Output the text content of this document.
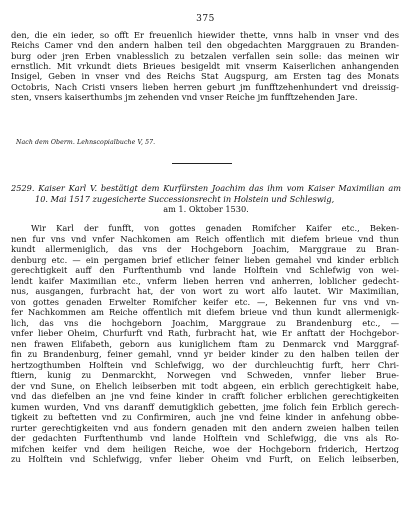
375
den, die ein ieder, so offt Er freuenlich hiewider thette, vnns halb in vnser vnd des
Reichs Camer vnd den andern halben teil den obgedachten Marggrauen zu Branden-
burg oder jren Erben vnablesslich zu betzalen verfallen sein solle: das meinen wir
ernstlich. Mit vrkundt diets Brieues besigeldt mit vnserm Kaiserlichen anhangenden
Insigel, Geben in vnser vnd des Reichs Stat Augspurg, am Ersten tag des Monats
Octobris, Nach Cristi vnsers lieben herren geburt jm funfftzehenhundert vnd dreissig-
sten, vnsers kaiserthumbs jm zehenden vnd vnser Reiche jm funfftzehenden Jare.
Nach dem Oberm. Lehnscopialbuche V, 57.
2529. Kaiser Karl V. bestätigt dem Kurfürsten Joachim das ihm vom Kaiser Maximilian am
10. Mai 1517 zugesicherte Successionsrecht in Holstein und Schleswig,
am 1. Oktober 1530.
Wir Karl der funfft, von gottes genaden Romifcher Kaifer etc., Beken-
nen fur vns vnd vnfer Nachkomen am Reich offentlich mit diefem brieue vnd thun
kundt allermeniglich, das vns der Hochgeborn Joachim, Marggraue zu Bran-
denburg etc. — ein pergamen brief etlicher feiner lieben gemahel vnd kinder erblich
gerechtigkeit auff den Furftenthumb vnd lande Holftein vnd Schlefwig von wei-
lendt kaifer Maximilian etc., vnferm lieben herren vnd anherren, loblicher gedecht-
nus, ausgangen, furbracht hat, der von wort zu wort alfo lautet. Wir Maximilian,
von gottes genaden Erwelter Romifcher keifer etc. —, Bekennen fur vns vnd vn-
fer Nachkommen am Reiche offentlich mit diefem brieue vnd thun kundt allermenigk-
lich, das vns die hochgeborn Joachim, Marggraue zu Brandenburg etc., —
vnfer lieber Oheim, Churfurft vnd Rath, furbracht hat, wie Er anftatt der Hochgebor-
nen frawen Elifabeth, geborn aus kuniglichem ftam zu Denmarck vnd Marggraf-
fin zu Brandenburg, feiner gemahl, vnnd yr beider kinder zu den halben teilen der
hertzogthumben Holftein vnd Schlefwigg, wo der durchleuchtig furft, herr Chri-
ftiern, kunig zu Denmarckht, Norwegen vnd Schweden, vnnfer lieber Brue-
der vnd Sune, on Ehelich leibserben mit todt abgeen, ein erblich gerechtigkeit habe,
vnd das diefelben an jne vnd feine kinder in crafft folicher erblichen gerechtigkeiten
kumen wurden, Vnd vns daranff demutigklich gebetten, jme folich fein Erblich gerech-
tigkeit zu beftetten vnd zu Confirmiren, auch jne vnd feine kinder in anfehung obbe-
rurter gerechtigkeiten vnd aus fondern genaden mit den andern zweien halben teilen
der gedachten Furftenthumb vnd lande Holftein vnd Schlefwigg, die vns als Ro-
mifchen keifer vnd dem heiligen Reiche, woe der Hochgeborn friderich, Hertzog
zu Holftein vnd Schlefwigg, vnfer lieber Oheim vnd Furft, on Eelich leibserben,
